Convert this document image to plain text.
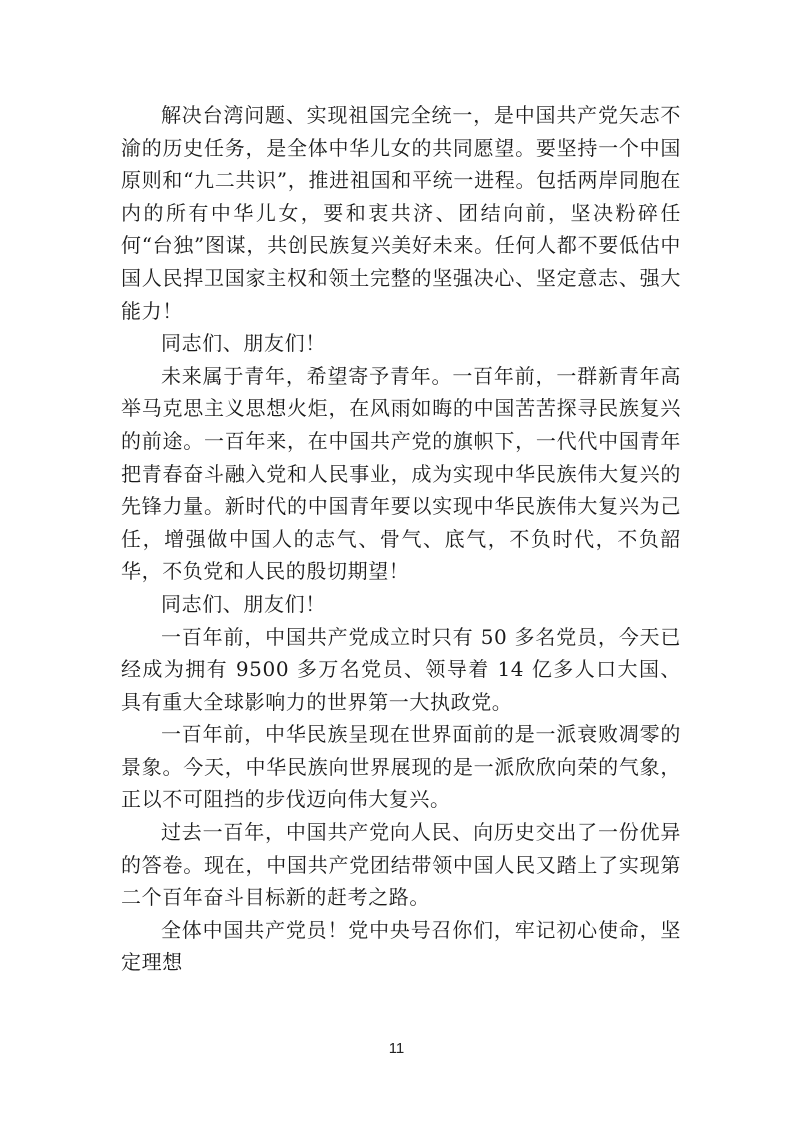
解决台湾问题、实现祖国完全统一，是中国共产党矢志不渝的历史任务，是全体中华儿女的共同愿望。要坚持一个中国原则和“九二共识”，推进祖国和平统一进程。包括两岸同胞在内的所有中华儿女，要和衷共济、团结向前，坚决粉碎任何“台独”图谋，共创民族复兴美好未来。任何人都不要低估中国人民捍卫国家主权和领土完整的坚强决心、坚定意志、强大能力！

同志们、朋友们！

未来属于青年，希望寄予青年。一百年前，一群新青年高举马克思主义思想火炬，在风雨如晦的中国苦苦探寻民族复兴的前途。一百年来，在中国共产党的旗帜下，一代代中国青年把青春奋斗融入党和人民事业，成为实现中华民族伟大复兴的先锋力量。新时代的中国青年要以实现中华民族伟大复兴为己任，增强做中国人的志气、骨气、底气，不负时代，不负韶华，不负党和人民的殷切期望！

同志们、朋友们！

一百年前，中国共产党成立时只有 50 多名党员，今天已经成为拥有 9500 多万名党员、领导着 14 亿多人口大国、具有重大全球影响力的世界第一大执政党。

一百年前，中华民族呈现在世界面前的是一派衰败凋零的景象。今天，中华民族向世界展现的是一派欣欣向荣的气象，正以不可阻挡的步伐迈向伟大复兴。

过去一百年，中国共产党向人民、向历史交出了一份优异的答卷。现在，中国共产党团结带领中国人民又踏上了实现第二个百年奋斗目标新的赶考之路。

全体中国共产党员！党中央号召你们，牢记初心使命，坚定理想

11
